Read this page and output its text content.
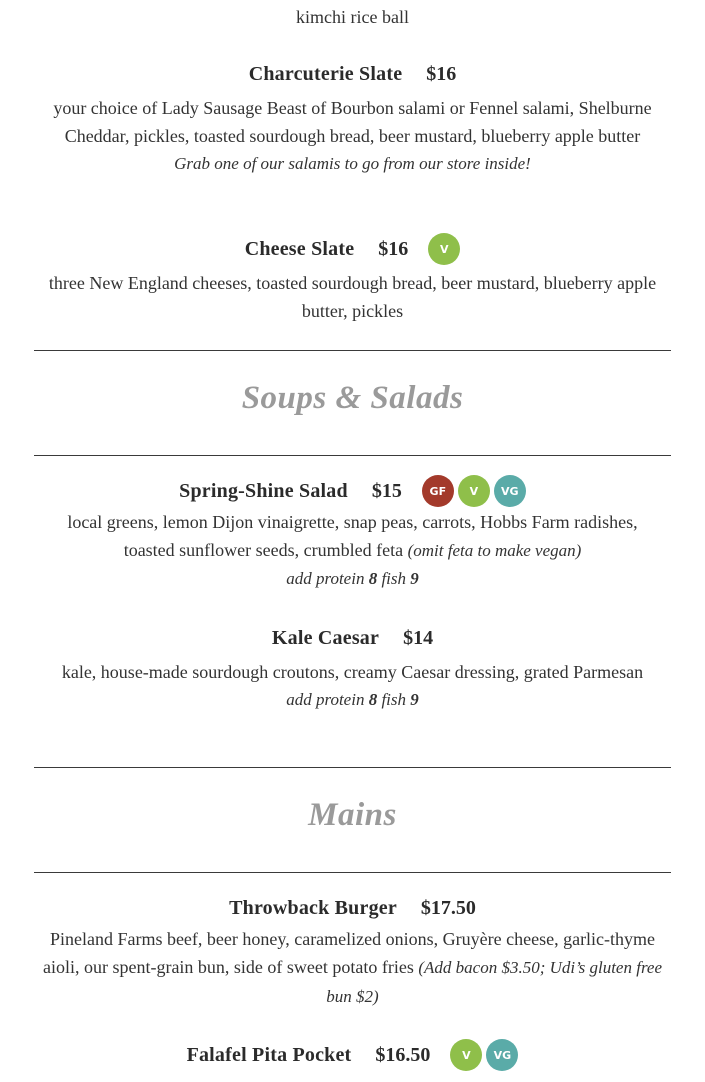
kimchi rice ball
Charcuterie Slate $16
your choice of Lady Sausage Beast of Bourbon salami or Fennel salami, Shelburne Cheddar, pickles, toasted sourdough bread, beer mustard, blueberry apple butter
Grab one of our salamis to go from our store inside!
Cheese Slate $16	V
three New England cheeses, toasted sourdough bread, beer mustard, blueberry apple butter, pickles
Soups & Salads
Spring-Shine Salad $15	GF	V	VG
local greens, lemon Dijon vinaigrette, snap peas, carrots, Hobbs Farm radishes, toasted sunflower seeds, crumbled feta (omit feta to make vegan)
add protein 8 fish 9
Kale Caesar $14
kale, house-made sourdough croutons, creamy Caesar dressing, grated Parmesan
add protein 8 fish 9
Mains
Throwback Burger $17.50
Pineland Farms beef, beer honey, caramelized onions, Gruyère cheese, garlic-thyme aioli, our spent-grain bun, side of sweet potato fries (Add bacon $3.50; Udi’s gluten free bun $2)
Falafel Pita Pocket $16.50	V	VG
